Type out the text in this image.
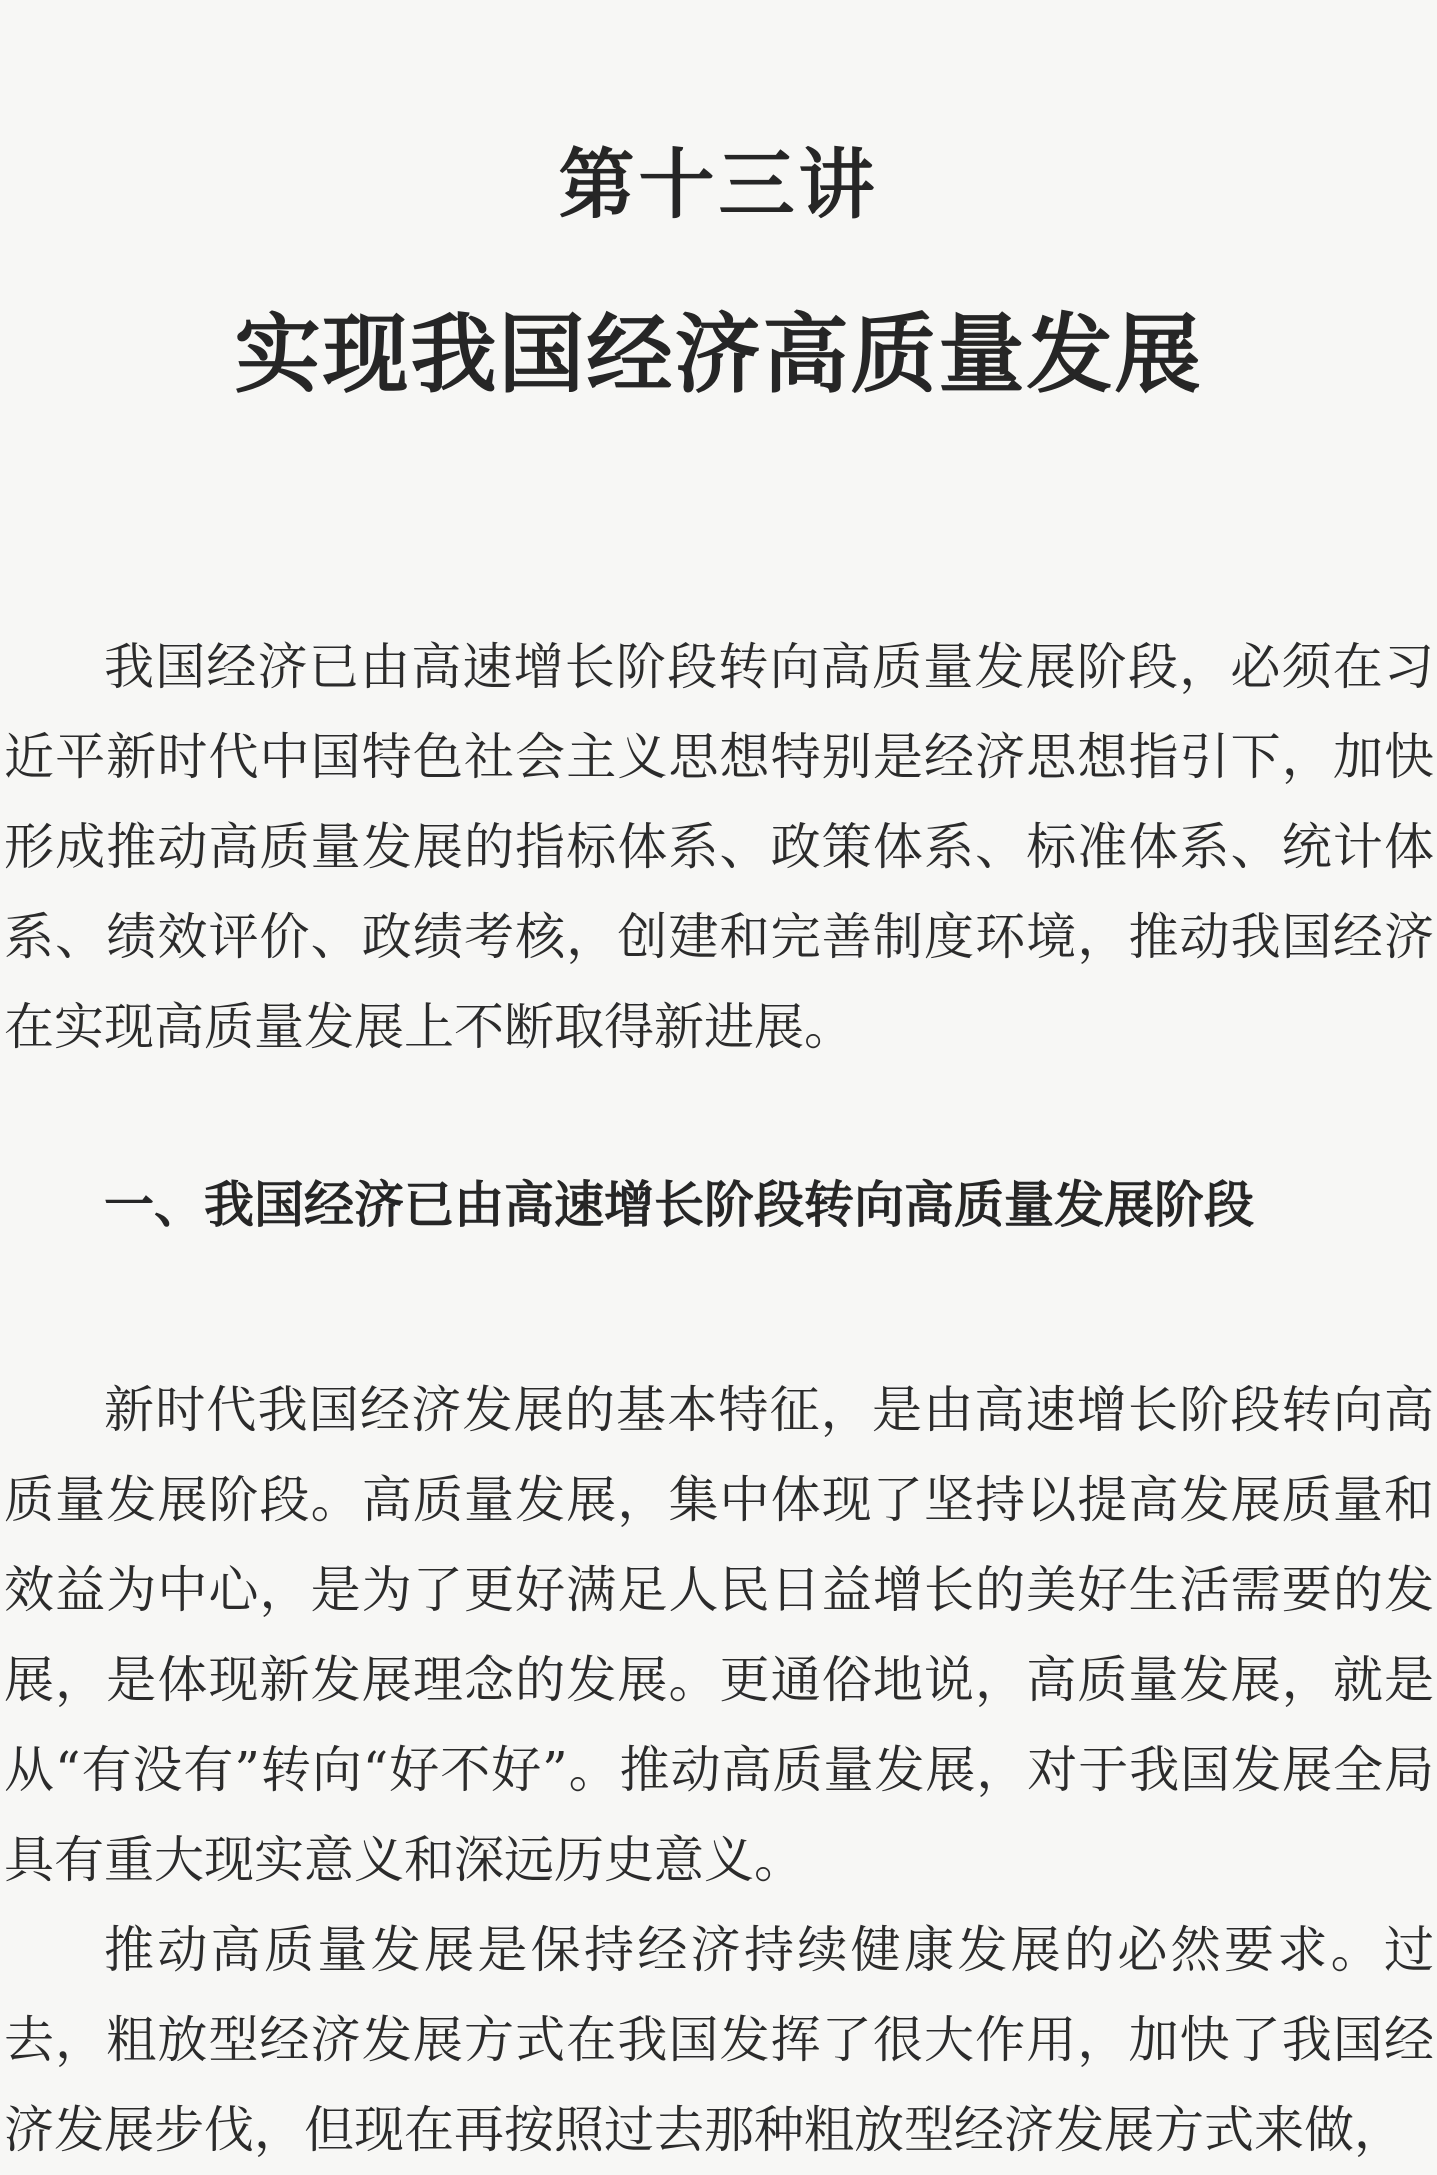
第十三讲
实现我国经济高质量发展

我国经济已由高速增长阶段转向高质量发展阶段，必须在习近平新时代中国特色社会主义思想特别是经济思想指引下，加快形成推动高质量发展的指标体系、政策体系、标准体系、统计体系、绩效评价、政绩考核，创建和完善制度环境，推动我国经济在实现高质量发展上不断取得新进展。

一、我国经济已由高速增长阶段转向高质量发展阶段

新时代我国经济发展的基本特征，是由高速增长阶段转向高质量发展阶段。高质量发展，集中体现了坚持以提高发展质量和效益为中心，是为了更好满足人民日益增长的美好生活需要的发展，是体现新发展理念的发展。更通俗地说，高质量发展，就是从“有没有”转向“好不好”。推动高质量发展，对于我国发展全局具有重大现实意义和深远历史意义。

推动高质量发展是保持经济持续健康发展的必然要求。过去，粗放型经济发展方式在我国发挥了很大作用，加快了我国经济发展步伐，但现在再按照过去那种粗放型经济发展方式来做，
